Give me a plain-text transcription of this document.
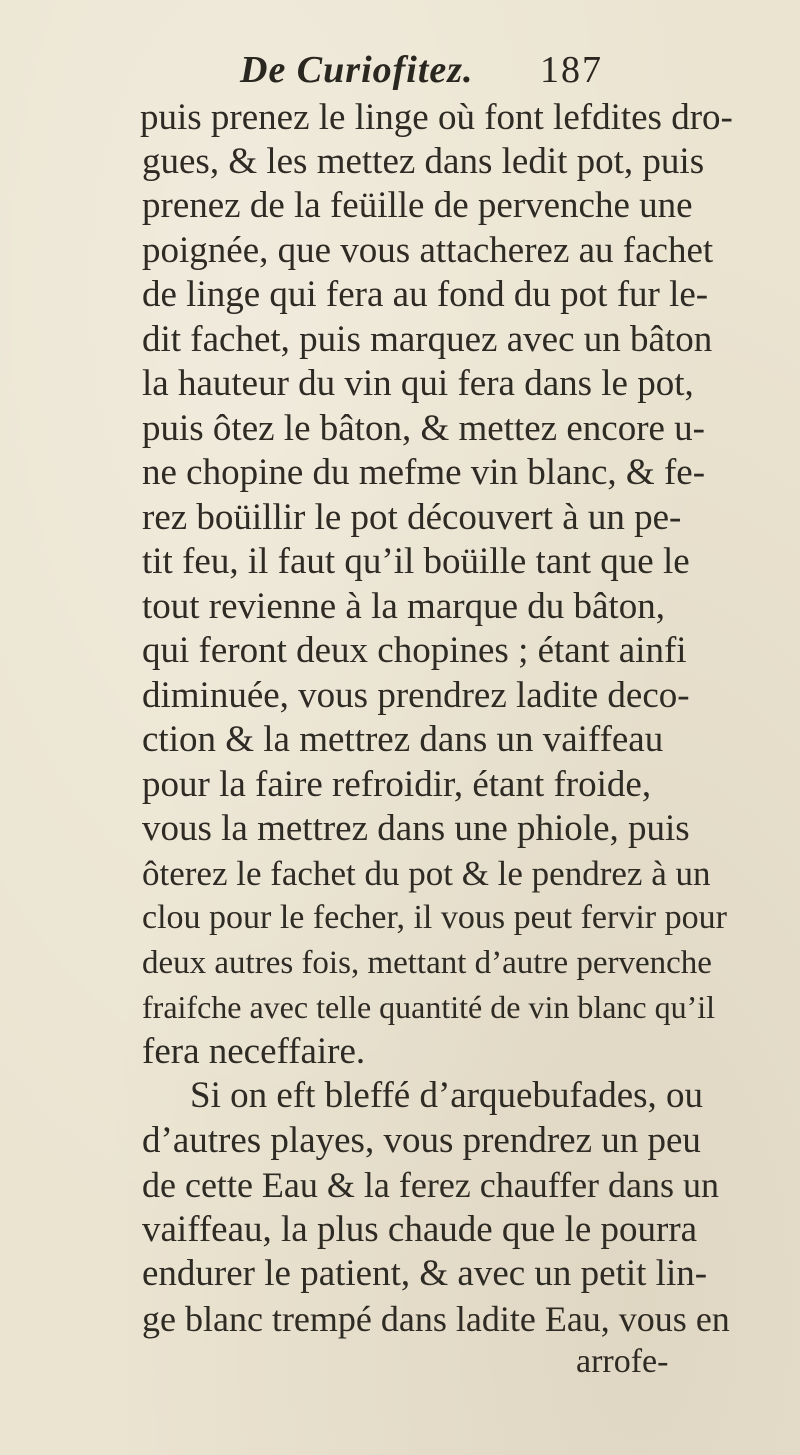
De Curiofitez. 187
puis prenez le linge où font lefdites dro-
gues, & les mettez dans ledit pot, puis
prenez de la feüille de pervenche une
poignée, que vous attacherez au fachet
de linge qui fera au fond du pot fur le-
dit fachet, puis marquez avec un bâton
la hauteur du vin qui fera dans le pot,
puis ôtez le bâton, & mettez encore u-
ne chopine du mefme vin blanc, & fe-
rez boüillir le pot découvert à un pe-
tit feu, il faut qu’il boüille tant que le
tout revienne à la marque du bâton,
qui feront deux chopines ; étant ainfi
diminuée, vous prendrez ladite deco-
ction & la mettrez dans un vaiffeau
pour la faire refroidir, étant froide,
vous la mettrez dans une phiole, puis
ôterez le fachet du pot & le pendrez à un
clou pour le fecher, il vous peut fervir pour
deux autres fois, mettant d’autre pervenche
fraifche avec telle quantité de vin blanc qu’il
fera neceffaire.
Si on eft bleffé d’arquebufades, ou
d’autres playes, vous prendrez un peu
de cette Eau & la ferez chauffer dans un
vaiffeau, la plus chaude que le pourra
endurer le patient, & avec un petit lin-
ge blanc trempé dans ladite Eau, vous en
arrofe-
